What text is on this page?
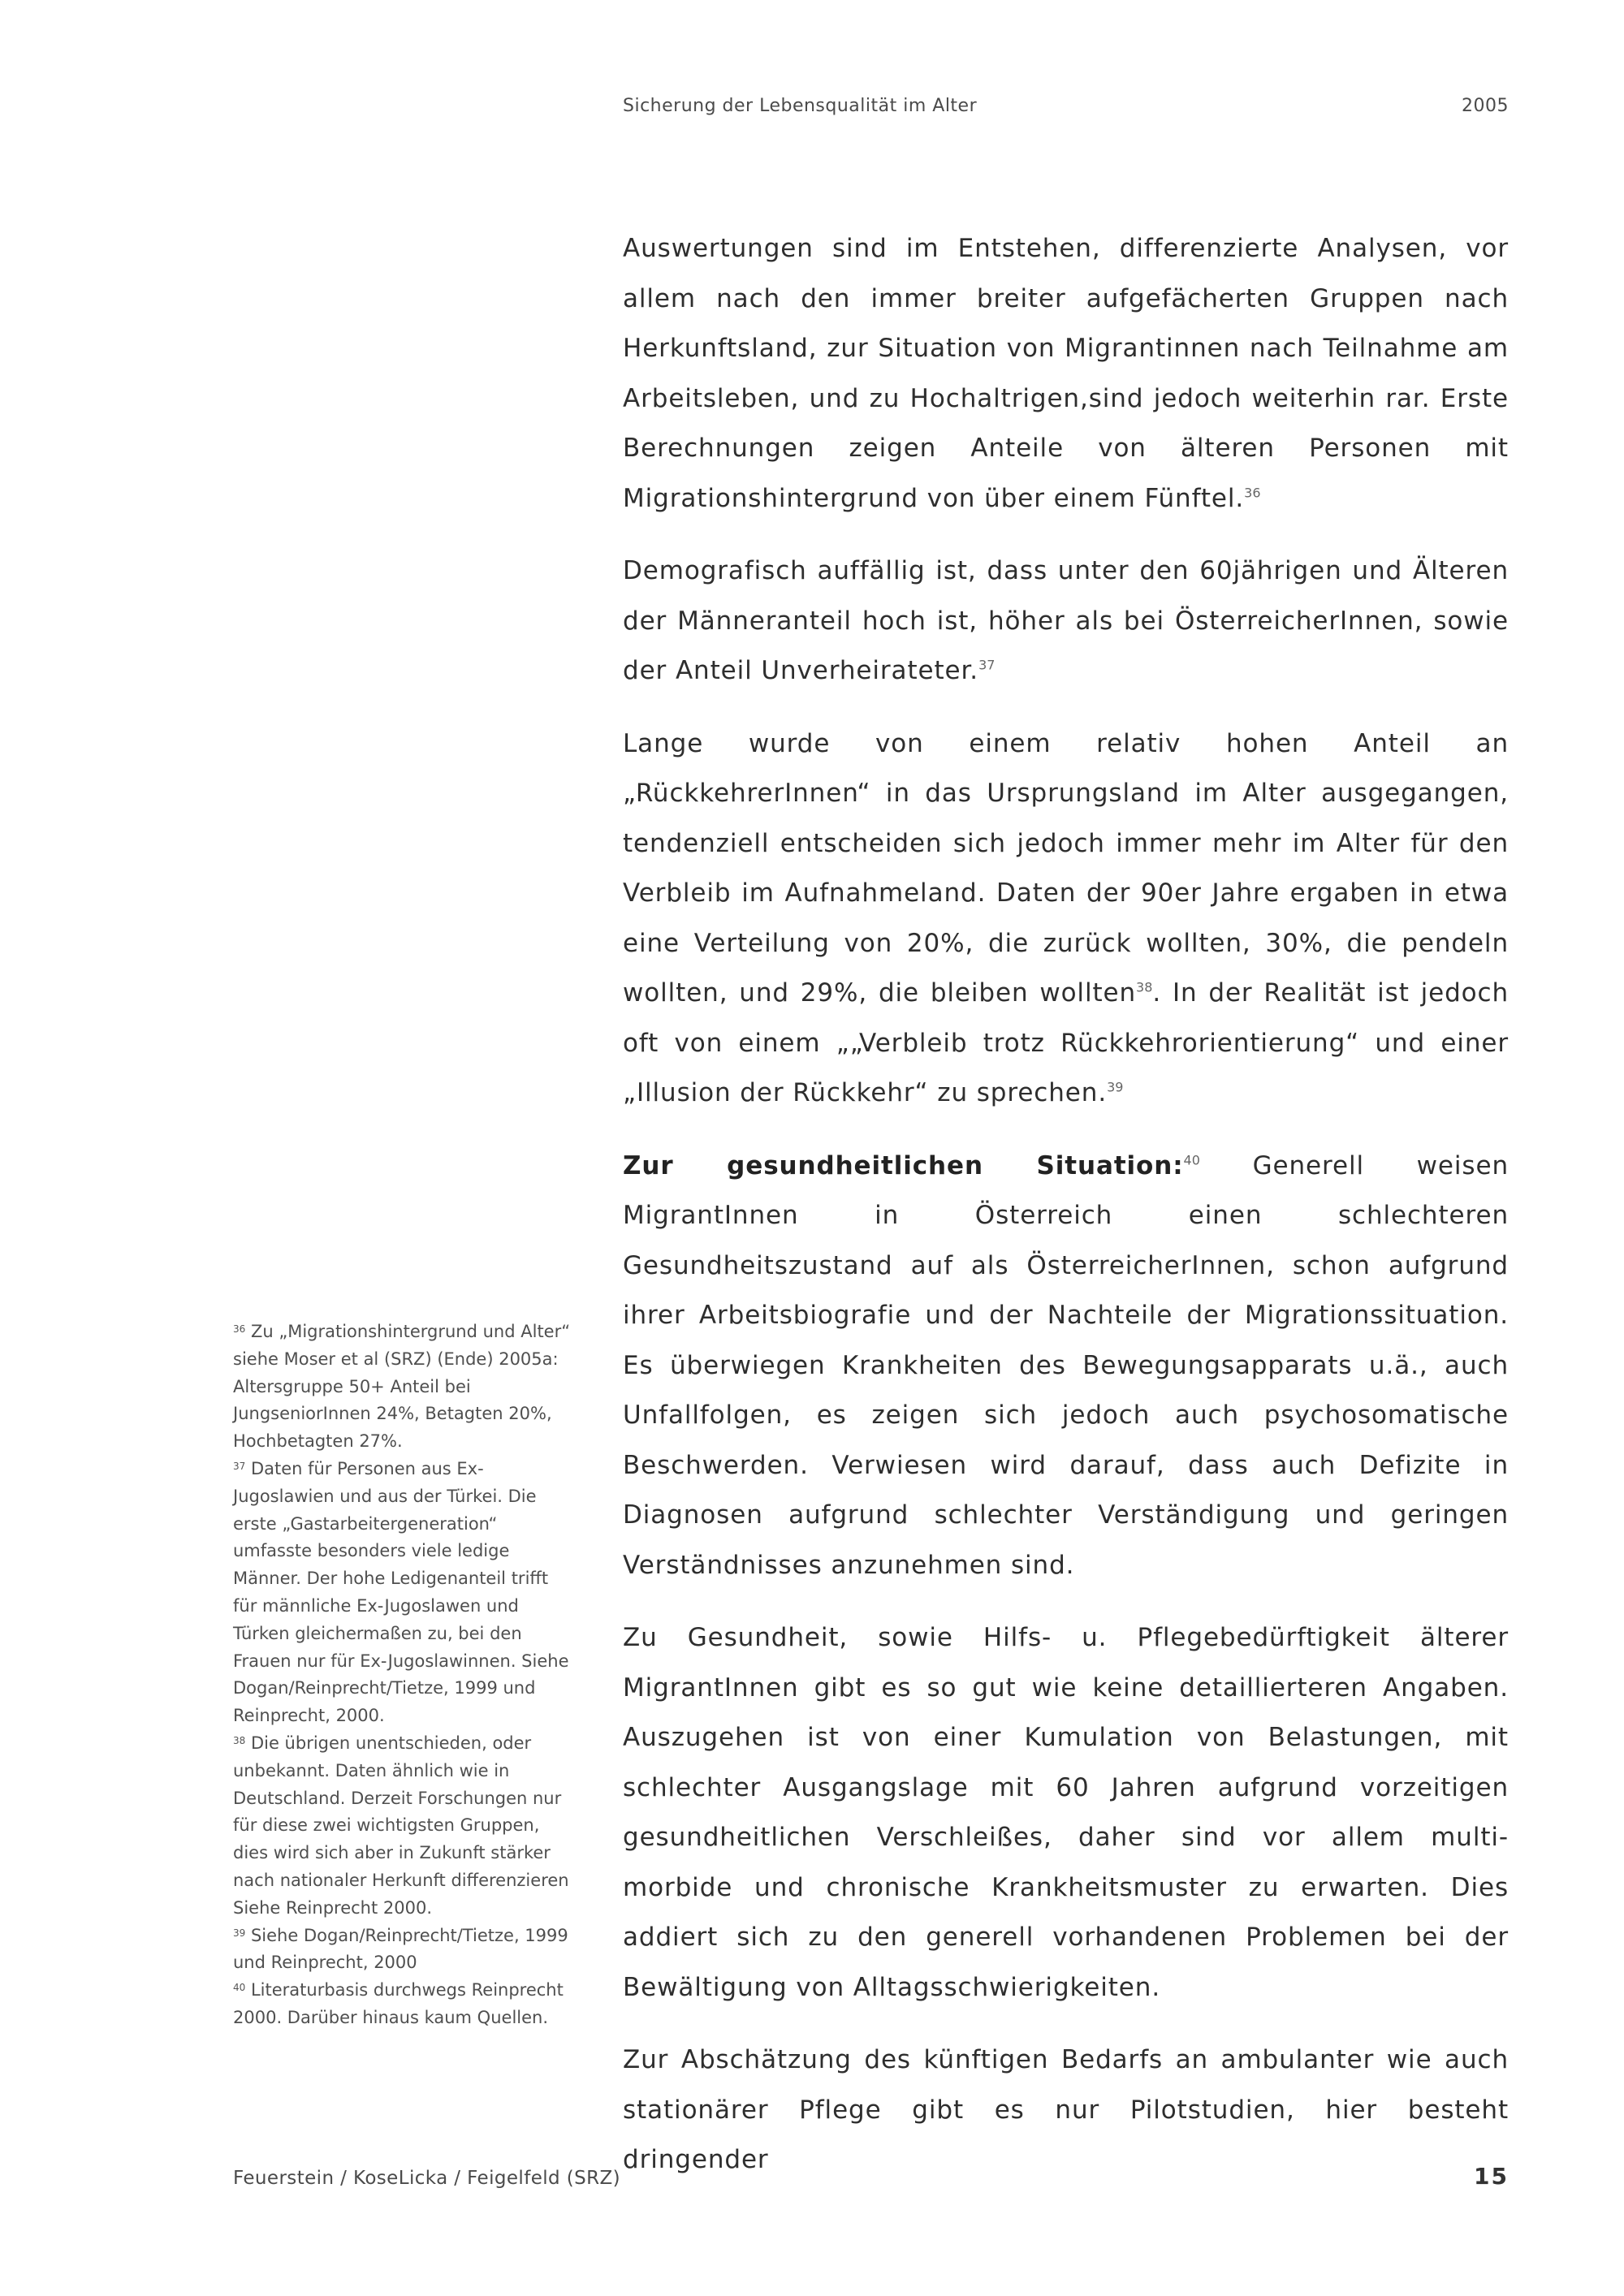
Sicherung der Lebensqualität im Alter	2005

Auswertungen sind im Entstehen, differenzierte Analysen, vor allem nach den immer breiter aufgefächerten Gruppen nach Herkunftsland, zur Situation von Migrantinnen nach Teilnahme am Arbeitsleben, und zu Hochaltrigen,sind jedoch weiterhin rar. Erste Berechnungen zeigen Anteile von älteren Personen mit Migrationshintergrund von über einem Fünftel.$^{36}$

Demografisch auffällig ist, dass unter den 60jährigen und Älteren der Männeranteil hoch ist, höher als bei ÖsterreicherInnen, sowie der Anteil Unverheirateter.$^{37}$

Lange wurde von einem relativ hohen Anteil an „RückkehrerInnen“ in das Ursprungsland im Alter ausgegangen, tendenziell entscheiden sich jedoch immer mehr im Alter für den Verbleib im Aufnahmeland. Daten der 90er Jahre ergaben in etwa eine Verteilung von 20%, die zurück wollten, 30%, die pendeln wollten, und 29%, die bleiben wollten$^{38}$. In der Realität ist jedoch oft von einem „„Verbleib trotz Rückkehrorientierung“ und einer „Illusion der Rückkehr“ zu sprechen.$^{39}$

Zur gesundheitlichen Situation:$^{40}$ Generell weisen MigrantInnen in Österreich einen schlechteren Gesundheitszustand auf als ÖsterreicherInnen, schon aufgrund ihrer Arbeitsbiografie und der Nachteile der Migrationssituation. Es überwiegen Krankheiten des Bewegungsapparats u.ä., auch Unfallfolgen, es zeigen sich jedoch auch psychosomatische Beschwerden. Verwiesen wird darauf, dass auch Defizite in Diagnosen aufgrund schlechter Verständigung und geringen Verständnisses anzunehmen sind.

Zu Gesundheit, sowie Hilfs- u. Pflegebedürftigkeit älterer MigrantInnen gibt es so gut wie keine detaillierteren Angaben. Auszugehen ist von einer Kumulation von Belastungen, mit schlechter Ausgangslage mit 60 Jahren aufgrund vorzeitigen gesundheitlichen Verschleißes, daher sind vor allem multi-morbide und chronische Krankheitsmuster zu erwarten. Dies addiert sich zu den generell vorhandenen Problemen bei der Bewältigung von Alltagsschwierigkeiten.

Zur Abschätzung des künftigen Bedarfs an ambulanter wie auch stationärer Pflege gibt es nur Pilotstudien, hier besteht dringender

$^{36}$ Zu „Migrationshintergrund und Alter“ siehe Moser et al (SRZ) (Ende) 2005a: Altersgruppe 50+ Anteil bei JungseniorInnen 24%, Betagten 20%, Hochbetagten 27%.

$^{37}$ Daten für Personen aus Ex-Jugoslawien und aus der Türkei. Die erste „Gastarbeitergeneration“ umfasste besonders viele ledige Männer. Der hohe Ledigenanteil trifft für männliche Ex-Jugoslawen und Türken gleichermaßen zu, bei den Frauen nur für Ex-Jugoslawinnen. Siehe Dogan/Reinprecht/Tietze, 1999 und Reinprecht, 2000.

$^{38}$ Die übrigen unentschieden, oder unbekannt. Daten ähnlich wie in Deutschland. Derzeit Forschungen nur für diese zwei wichtigsten Gruppen, dies wird sich aber in Zukunft stärker nach nationaler Herkunft differenzieren Siehe Reinprecht 2000.

$^{39}$ Siehe Dogan/Reinprecht/Tietze, 1999 und Reinprecht, 2000

$^{40}$ Literaturbasis durchwegs Reinprecht 2000. Darüber hinaus kaum Quellen.

Feuerstein / KoseLicka / Feigelfeld (SRZ)	15
